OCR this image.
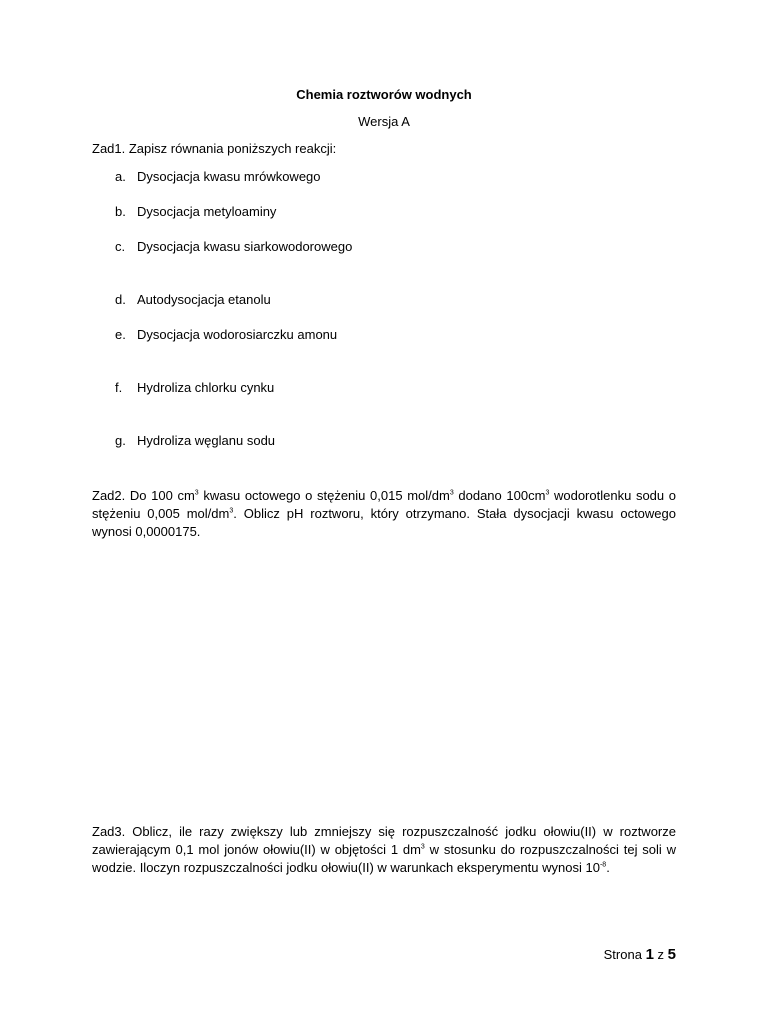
Chemia roztworów wodnych
Wersja A
Zad1. Zapisz równania poniższych reakcji:
a. Dysocjacja kwasu mrówkowego
b. Dysocjacja metyloaminy
c. Dysocjacja kwasu siarkowodorowego
d. Autodysocjacja etanolu
e. Dysocjacja wodorosiarczku amonu
f. Hydroliza chlorku cynku
g. Hydroliza węglanu sodu
Zad2. Do 100 $cm^3$ kwasu octowego o stężeniu 0,015 mol/$dm^3$ dodano $100cm^3$ wodorotlenku sodu o stężeniu 0,005 mol/$dm^3$. Oblicz pH roztworu, który otrzymano. Stała dysocjacji kwasu octowego wynosi 0,0000175.
Zad3. Oblicz, ile razy zwiększy lub zmniejszy się rozpuszczalność jodku ołowiu(II) w roztworze zawierającym 0,1 mol jonów ołowiu(II) w objętości 1 $dm^3$ w stosunku do rozpuszczalności tej soli w wodzie. Iloczyn rozpuszczalności jodku ołowiu(II) w warunkach eksperymentu wynosi $10^{-8}$.
Strona 1 z 5
